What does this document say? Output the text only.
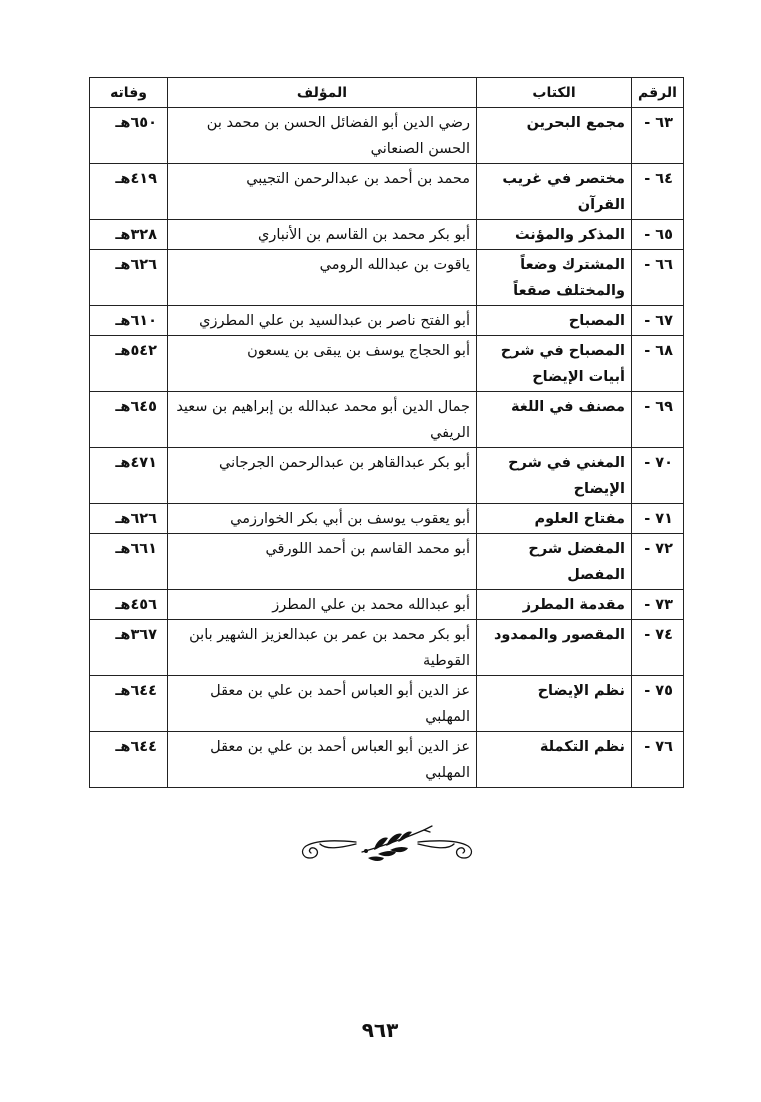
الرقم	الكتاب	المؤلف	وفاته
٦٣ -	مجمع البحرين	رضي الدين أبو الفضائل الحسن بن محمد بن الحسن الصنعاني	٦٥٠هـ
٦٤ -	مختصر في غريب القرآن	محمد بن أحمد بن عبدالرحمن التجيبي	٤١٩هـ
٦٥ -	المذكر والمؤنث	أبو بكر محمد بن القاسم بن الأنباري	٣٢٨هـ
٦٦ -	المشترك وضعاً والمختلف صقعاً	ياقوت بن عبدالله الرومي	٦٢٦هـ
٦٧ -	المصباح	أبو الفتح ناصر بن عبدالسيد بن علي المطرزي	٦١٠هـ
٦٨ -	المصباح في شرح أبيات الإيضاح	أبو الحجاج يوسف بن يبقى بن يسعون	٥٤٢هـ
٦٩ -	مصنف في اللغة	جمال الدين أبو محمد عبدالله بن إبراهيم بن سعيد الريفي	٦٤٥هـ
٧٠ -	المغني في شرح الإيضاح	أبو بكر عبدالقاهر بن عبدالرحمن الجرجاني	٤٧١هـ
٧١ -	مفتاح العلوم	أبو يعقوب يوسف بن أبي بكر الخوارزمي	٦٢٦هـ
٧٢ -	المفضل شرح المفصل	أبو محمد القاسم بن أحمد اللورقي	٦٦١هـ
٧٣ -	مقدمة المطرز	أبو عبدالله محمد بن علي المطرز	٤٥٦هـ
٧٤ -	المقصور والممدود	أبو بكر محمد بن عمر بن عبدالعزيز الشهير بابن القوطية	٣٦٧هـ
٧٥ -	نظم الإيضاح	عز الدين أبو العباس أحمد بن علي بن معقل المهلبي	٦٤٤هـ
٧٦ -	نظم التكملة	عز الدين أبو العباس أحمد بن علي بن معقل المهلبي	٦٤٤هـ
٩٦٣
